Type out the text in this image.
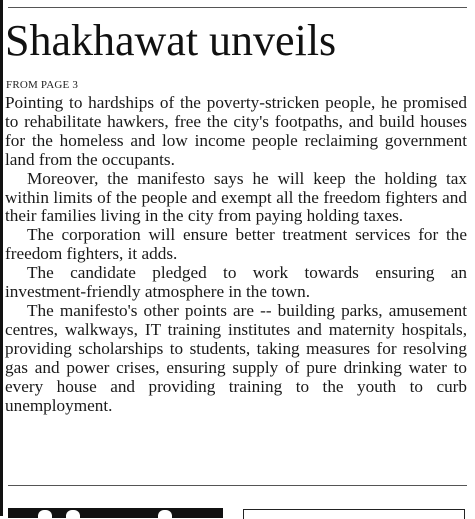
Shakhawat unveils
FROM PAGE 3

Pointing to hardships of the poverty-stricken people, he promised to rehabilitate hawkers, free the city's footpaths, and build houses for the homeless and low income people reclaiming government land from the occupants.

Moreover, the manifesto says he will keep the holding tax within limits of the people and exempt all the freedom fighters and their families living in the city from paying holding taxes.

The corporation will ensure better treatment services for the freedom fighters, it adds.

The candidate pledged to work towards ensuring an investment-friendly atmosphere in the town.

The manifesto's other points are -- building parks, amusement centres, walkways, IT training institutes and maternity hospitals, providing scholarships to students, taking measures for resolving gas and power crises, ensuring supply of pure drinking water to every house and providing training to the youth to curb unemployment.
